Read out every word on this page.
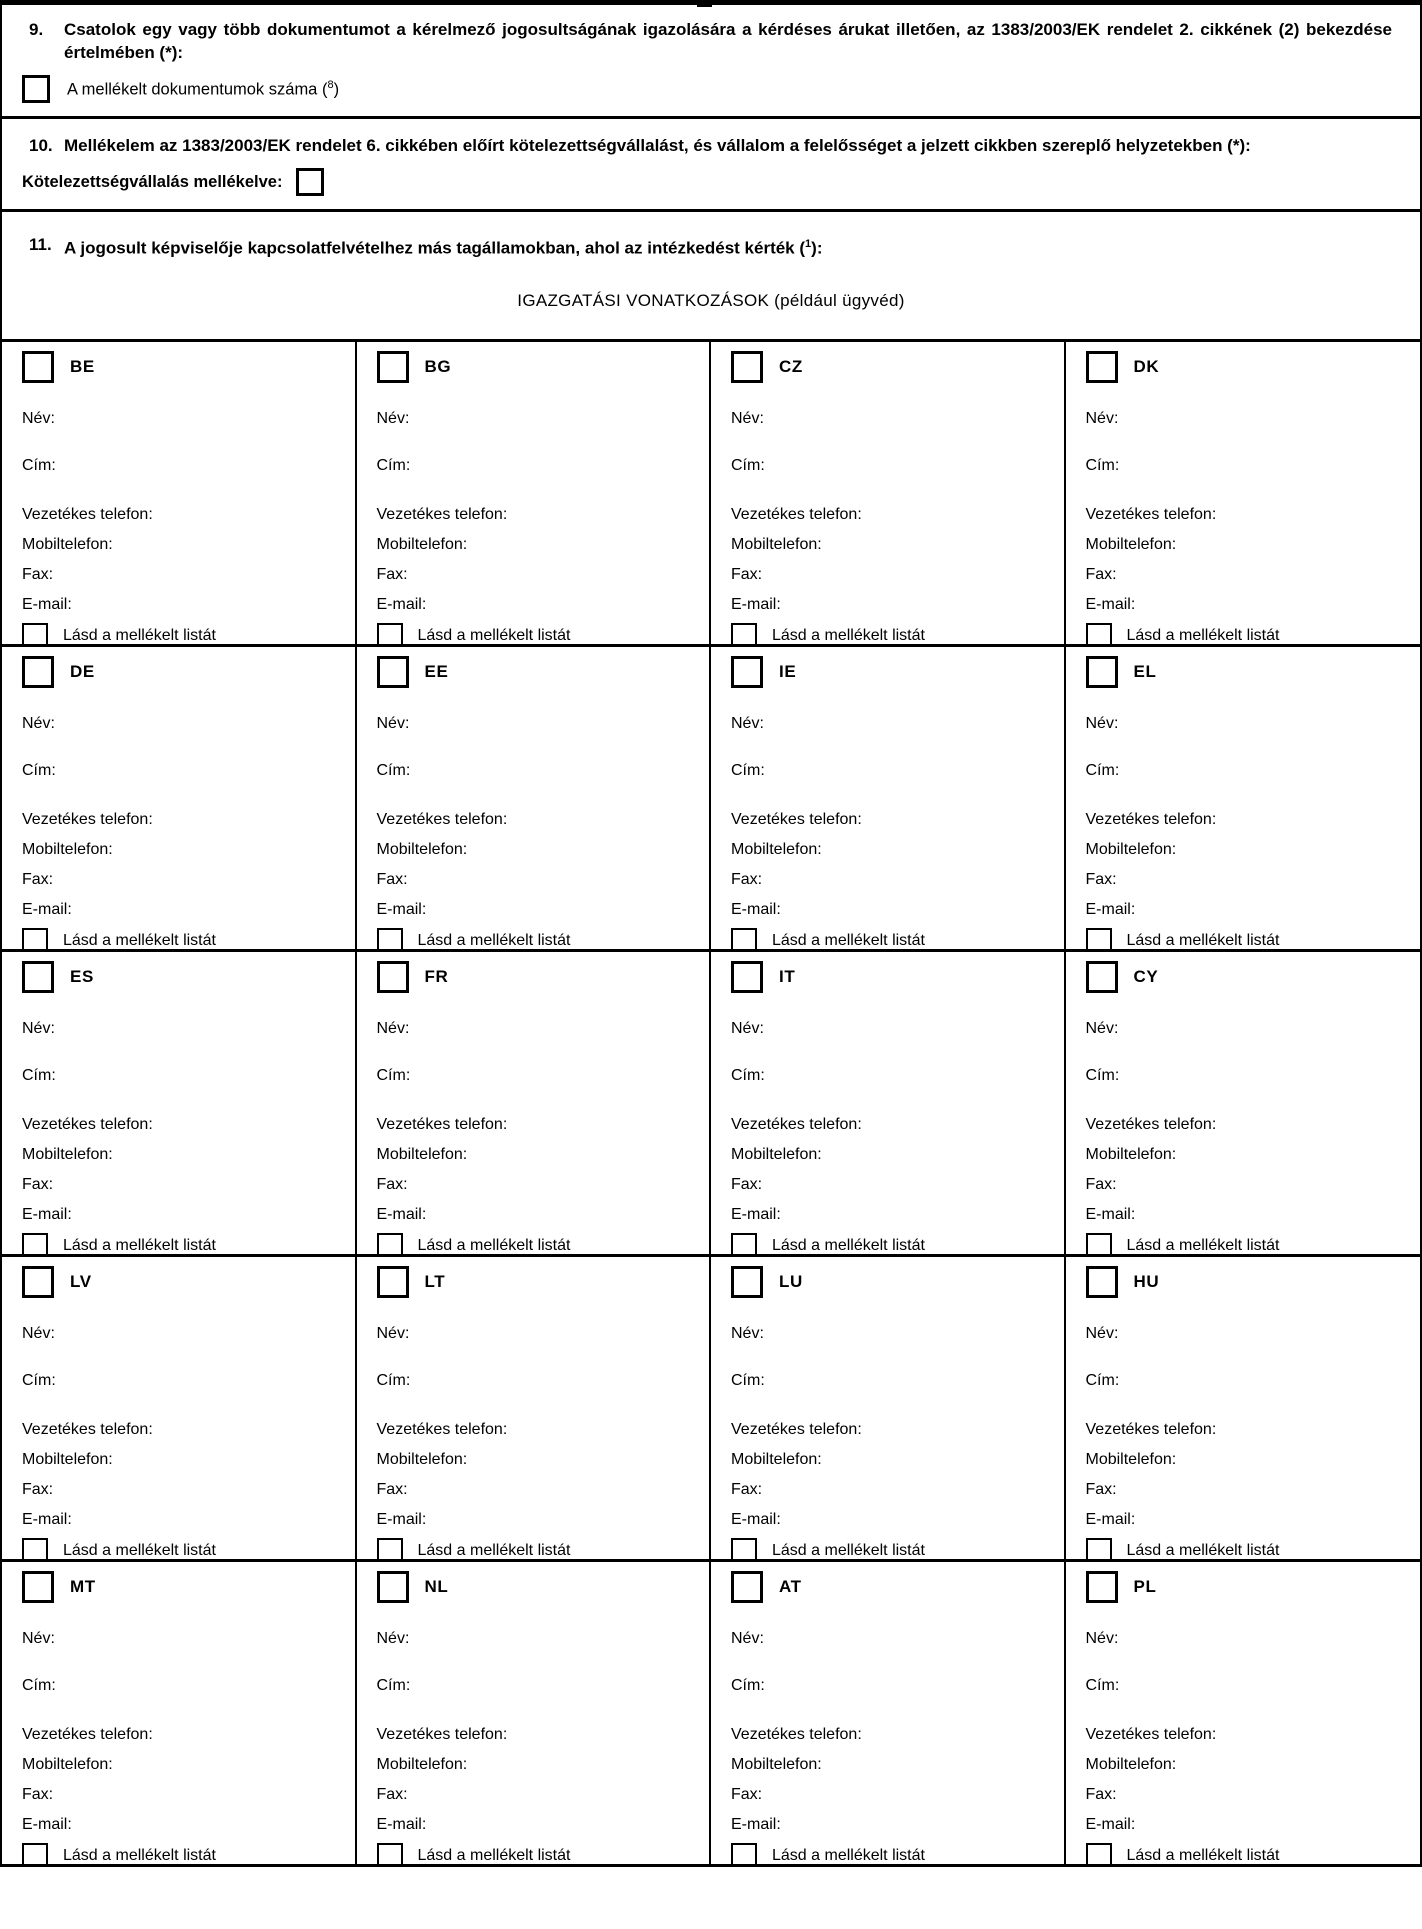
9.	Csatolok egy vagy több dokumentumot a kérelmező jogosultságának igazolására a kérdéses árukat illetően, az 1383/2003/EK rendelet 2. cikkének (2) bekezdése értelmében (*):
A mellékelt dokumentumok száma ($^8$)
10. Mellékelem az 1383/2003/EK rendelet 6. cikkében előírt kötelezettségvállalást, és vállalom a felelősséget a jelzett cikkben szereplő helyzetekben (*):
Kötelezettségvállalás mellékelve:
11. A jogosult képviselője kapcsolatfelvételhez más tagállamokban, ahol az intézkedést kérték ($^1$):
IGAZGATÁSI VONATKOZÁSOK (például ügyvéd)
BE
Név:
Cím:
Vezetékes telefon:
Mobiltelefon:
Fax:
E-mail:
Lásd a mellékelt listát
BG
Név:
Cím:
Vezetékes telefon:
Mobiltelefon:
Fax:
E-mail:
Lásd a mellékelt listát
CZ
Név:
Cím:
Vezetékes telefon:
Mobiltelefon:
Fax:
E-mail:
Lásd a mellékelt listát
DK
Név:
Cím:
Vezetékes telefon:
Mobiltelefon:
Fax:
E-mail:
Lásd a mellékelt listát
DE
Név:
Cím:
Vezetékes telefon:
Mobiltelefon:
Fax:
E-mail:
Lásd a mellékelt listát
EE
Név:
Cím:
Vezetékes telefon:
Mobiltelefon:
Fax:
E-mail:
Lásd a mellékelt listát
IE
Név:
Cím:
Vezetékes telefon:
Mobiltelefon:
Fax:
E-mail:
Lásd a mellékelt listát
EL
Név:
Cím:
Vezetékes telefon:
Mobiltelefon:
Fax:
E-mail:
Lásd a mellékelt listát
ES
Név:
Cím:
Vezetékes telefon:
Mobiltelefon:
Fax:
E-mail:
Lásd a mellékelt listát
FR
Név:
Cím:
Vezetékes telefon:
Mobiltelefon:
Fax:
E-mail:
Lásd a mellékelt listát
IT
Név:
Cím:
Vezetékes telefon:
Mobiltelefon:
Fax:
E-mail:
Lásd a mellékelt listát
CY
Név:
Cím:
Vezetékes telefon:
Mobiltelefon:
Fax:
E-mail:
Lásd a mellékelt listát
LV
Név:
Cím:
Vezetékes telefon:
Mobiltelefon:
Fax:
E-mail:
Lásd a mellékelt listát
LT
Név:
Cím:
Vezetékes telefon:
Mobiltelefon:
Fax:
E-mail:
Lásd a mellékelt listát
LU
Név:
Cím:
Vezetékes telefon:
Mobiltelefon:
Fax:
E-mail:
Lásd a mellékelt listát
HU
Név:
Cím:
Vezetékes telefon:
Mobiltelefon:
Fax:
E-mail:
Lásd a mellékelt listát
MT
Név:
Cím:
Vezetékes telefon:
Mobiltelefon:
Fax:
E-mail:
Lásd a mellékelt listát
NL
Név:
Cím:
Vezetékes telefon:
Mobiltelefon:
Fax:
E-mail:
Lásd a mellékelt listát
AT
Név:
Cím:
Vezetékes telefon:
Mobiltelefon:
Fax:
E-mail:
Lásd a mellékelt listát
PL
Név:
Cím:
Vezetékes telefon:
Mobiltelefon:
Fax:
E-mail:
Lásd a mellékelt listát
